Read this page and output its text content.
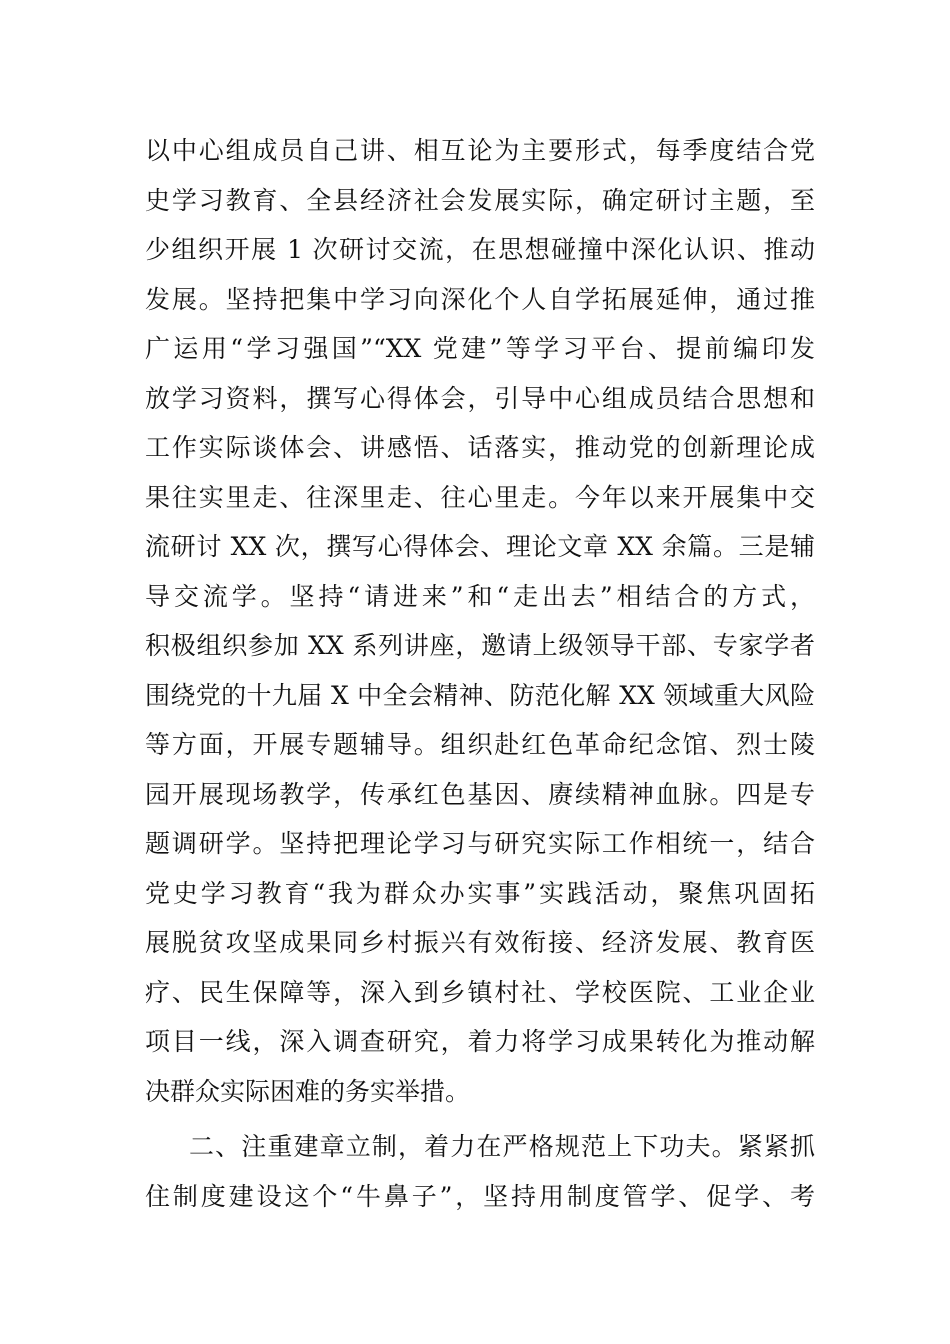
以中心组成员自己讲、相互论为主要形式，每季度结合党
史学习教育、全县经济社会发展实际，确定研讨主题，至
少组织开展 1 次研讨交流，在思想碰撞中深化认识、推动
发展。坚持把集中学习向深化个人自学拓展延伸，通过推
广运用“学习强国”“XX 党建”等学习平台、提前编印发
放学习资料，撰写心得体会，引导中心组成员结合思想和
工作实际谈体会、讲感悟、话落实，推动党的创新理论成
果往实里走、往深里走、往心里走。今年以来开展集中交
流研讨 XX 次，撰写心得体会、理论文章 XX 余篇。三是辅
导交流学。坚持“请进来”和“走出去”相结合的方式，
积极组织参加 XX 系列讲座，邀请上级领导干部、专家学者
围绕党的十九届 X 中全会精神、防范化解 XX 领域重大风险
等方面，开展专题辅导。组织赴红色革命纪念馆、烈士陵
园开展现场教学，传承红色基因、赓续精神血脉。四是专
题调研学。坚持把理论学习与研究实际工作相统一，结合
党史学习教育“我为群众办实事”实践活动，聚焦巩固拓
展脱贫攻坚成果同乡村振兴有效衔接、经济发展、教育医
疗、民生保障等，深入到乡镇村社、学校医院、工业企业
项目一线，深入调查研究，着力将学习成果转化为推动解
决群众实际困难的务实举措。
二、注重建章立制，着力在严格规范上下功夫。紧紧抓
住制度建设这个“牛鼻子”，坚持用制度管学、促学、考
